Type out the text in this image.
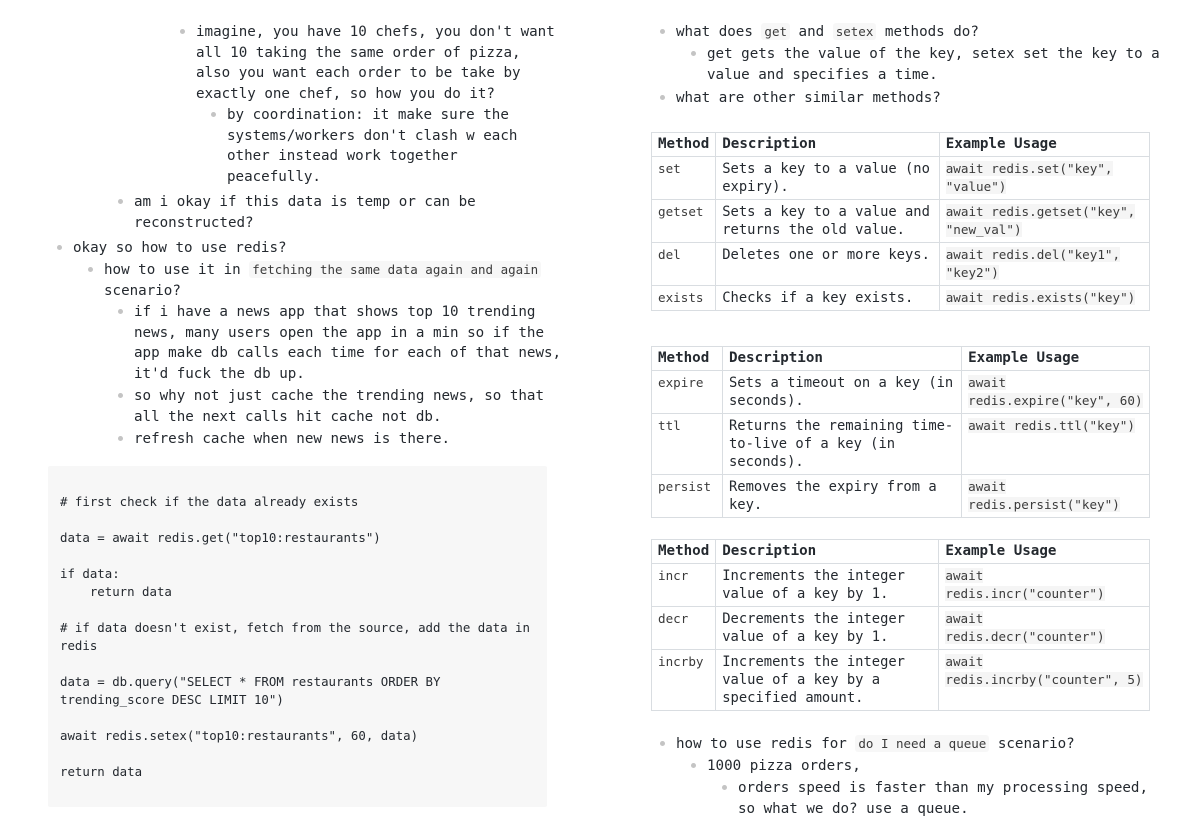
imagine, you have 10 chefs, you don't want
all 10 taking the same order of pizza,
also you want each order to be take by
exactly one chef, so how you do it?
by coordination: it make sure the
systems/workers don't clash w each
other instead work together
peacefully.
am i okay if this data is temp or can be
reconstructed?
okay so how to use redis?
how to use it in fetching the same data again and again
scenario?
if i have a news app that shows top 10 trending
news, many users open the app in a min so if the
app make db calls each time for each of that news,
it'd fuck the db up.
so why not just cache the trending news, so that
all the next calls hit cache not db.
refresh cache when new news is there.
# first check if the data already exists
data = await redis.get("top10:restaurants")
if data:
return data
# if data doesn't exist, fetch from the source, add the data in
redis
data = db.query("SELECT * FROM restaurants ORDER BY
trending_score DESC LIMIT 10")
await redis.setex("top10:restaurants", 60, data)
return data
what does get and setex methods do?
get gets the value of the key, setex set the key to a
value and specifies a time.
what are other similar methods?
Method	Description	Example Usage
set	Sets a key to a value (no expiry).	await redis.set("key", "value")
getset	Sets a key to a value and returns the old value.	await redis.getset("key", "new_val")
del	Deletes one or more keys.	await redis.del("key1", "key2")
exists	Checks if a key exists.	await redis.exists("key")
Method	Description	Example Usage
expire	Sets a timeout on a key (in seconds).	await redis.expire("key", 60)
ttl	Returns the remaining time-to-live of a key (in seconds).	await redis.ttl("key")
persist	Removes the expiry from a key.	await redis.persist("key")
Method	Description	Example Usage
incr	Increments the integer value of a key by 1.	await redis.incr("counter")
decr	Decrements the integer value of a key by 1.	await redis.decr("counter")
incrby	Increments the integer value of a key by a specified amount.	await redis.incrby("counter", 5)
how to use redis for do I need a queue scenario?
1000 pizza orders,
orders speed is faster than my processing speed,
so what we do? use a queue.
